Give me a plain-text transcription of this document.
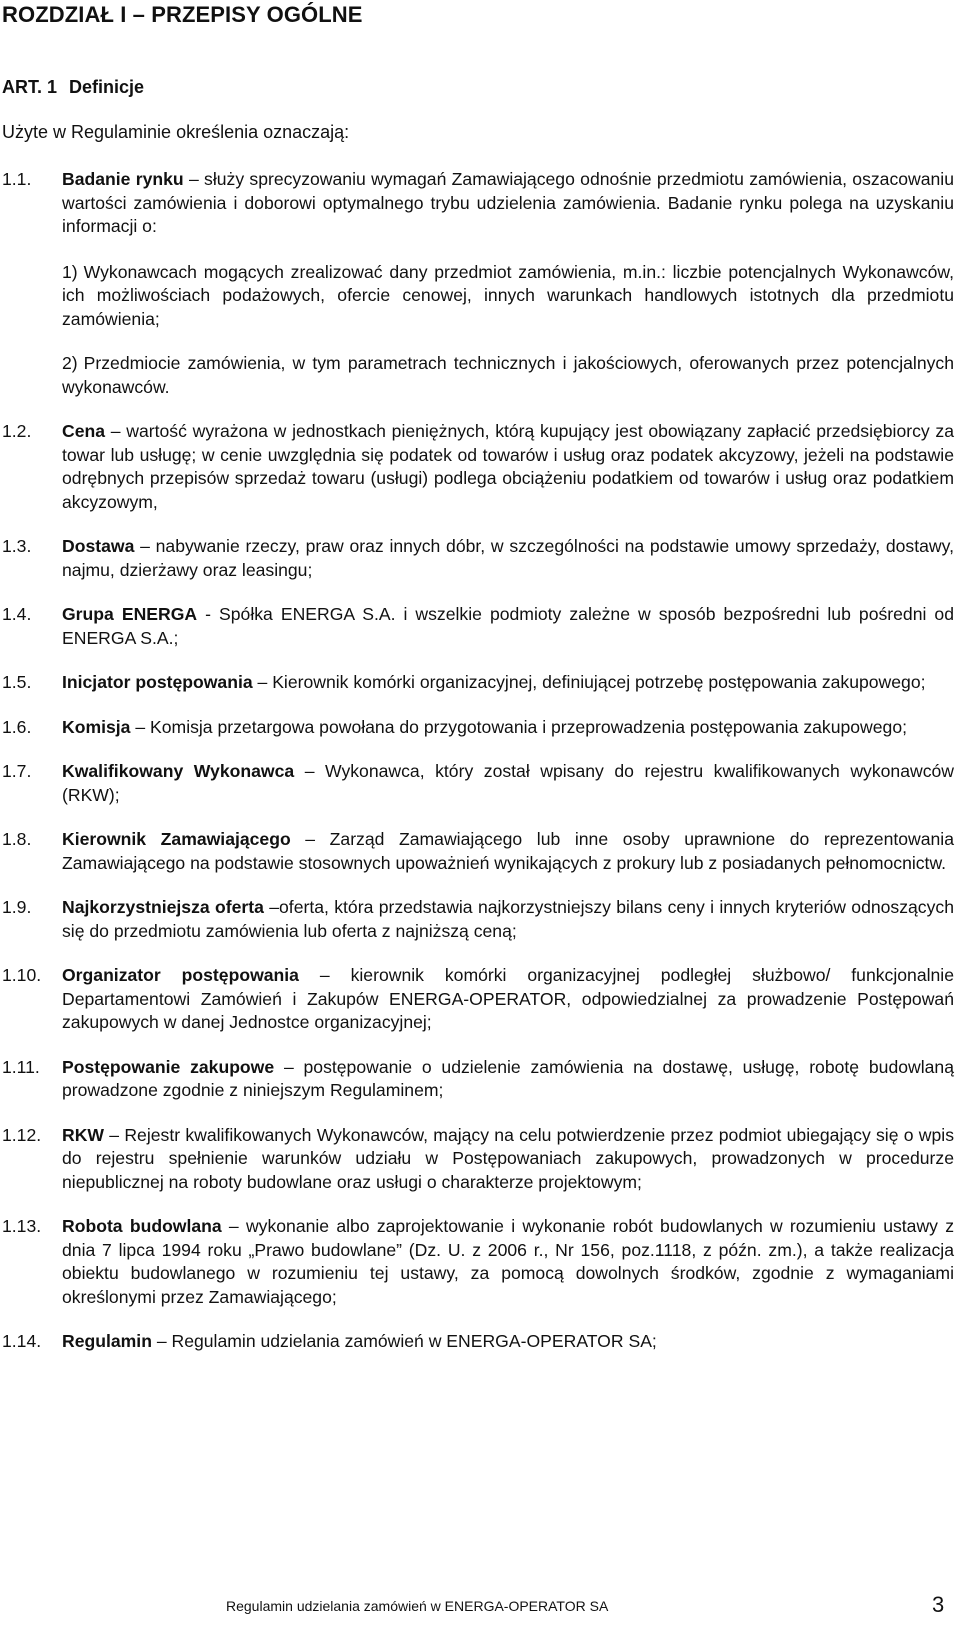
ROZDZIAŁ I – PRZEPISY OGÓLNE
ART. 1 Definicje
Użyte w Regulaminie określenia oznaczają:
1.1. Badanie rynku – służy sprecyzowaniu wymagań Zamawiającego odnośnie przedmiotu zamówienia, oszacowaniu wartości zamówienia i doborowi optymalnego trybu udzielenia zamówienia. Badanie rynku polega na uzyskaniu informacji o:
1) Wykonawcach mogących zrealizować dany przedmiot zamówienia, m.in.: liczbie potencjalnych Wykonawców, ich możliwościach podażowych, ofercie cenowej, innych warunkach handlowych istotnych dla przedmiotu zamówienia;
2) Przedmiocie zamówienia, w tym parametrach technicznych i jakościowych, oferowanych przez potencjalnych wykonawców.
1.2. Cena – wartość wyrażona w jednostkach pieniężnych, którą kupujący jest obowiązany zapłacić przedsiębiorcy za towar lub usługę; w cenie uwzględnia się podatek od towarów i usług oraz podatek akcyzowy, jeżeli na podstawie odrębnych przepisów sprzedaż towaru (usługi) podlega obciążeniu podatkiem od towarów i usług oraz podatkiem akcyzowym,
1.3. Dostawa – nabywanie rzeczy, praw oraz innych dóbr, w szczególności na podstawie umowy sprzedaży, dostawy, najmu, dzierżawy oraz leasingu;
1.4. Grupa ENERGA - Spółka ENERGA S.A. i wszelkie podmioty zależne w sposób bezpośredni lub pośredni od ENERGA S.A.;
1.5. Inicjator postępowania – Kierownik komórki organizacyjnej, definiującej potrzebę postępowania zakupowego;
1.6. Komisja – Komisja przetargowa powołana do przygotowania i przeprowadzenia postępowania zakupowego;
1.7. Kwalifikowany Wykonawca – Wykonawca, który został wpisany do rejestru kwalifikowanych wykonawców (RKW);
1.8. Kierownik Zamawiającego – Zarząd Zamawiającego lub inne osoby uprawnione do reprezentowania Zamawiającego na podstawie stosownych upoważnień wynikających z prokury lub z posiadanych pełnomocnictw.
1.9. Najkorzystniejsza oferta –oferta, która przedstawia najkorzystniejszy bilans ceny i innych kryteriów odnoszących się do przedmiotu zamówienia lub oferta z najniższą ceną;
1.10. Organizator postępowania – kierownik komórki organizacyjnej podległej służbowo/ funkcjonalnie Departamentowi Zamówień i Zakupów ENERGA-OPERATOR, odpowiedzialnej za prowadzenie Postępowań zakupowych w danej Jednostce organizacyjnej;
1.11. Postępowanie zakupowe – postępowanie o udzielenie zamówienia na dostawę, usługę, robotę budowlaną prowadzone zgodnie z niniejszym Regulaminem;
1.12. RKW – Rejestr kwalifikowanych Wykonawców, mający na celu potwierdzenie przez podmiot ubiegający się o wpis do rejestru spełnienie warunków udziału w Postępowaniach zakupowych, prowadzonych w procedurze niepublicznej na roboty budowlane oraz usługi o charakterze projektowym;
1.13. Robota budowlana – wykonanie albo zaprojektowanie i wykonanie robót budowlanych w rozumieniu ustawy z dnia 7 lipca 1994 roku „Prawo budowlane” (Dz. U. z 2006 r., Nr 156, poz.1118, z późn. zm.), a także realizacja obiektu budowlanego w rozumieniu tej ustawy, za pomocą dowolnych środków, zgodnie z wymaganiami określonymi przez Zamawiającego;
1.14. Regulamin – Regulamin udzielania zamówień w ENERGA-OPERATOR SA;
Regulamin udzielania zamówień w ENERGA-OPERATOR SA	3
